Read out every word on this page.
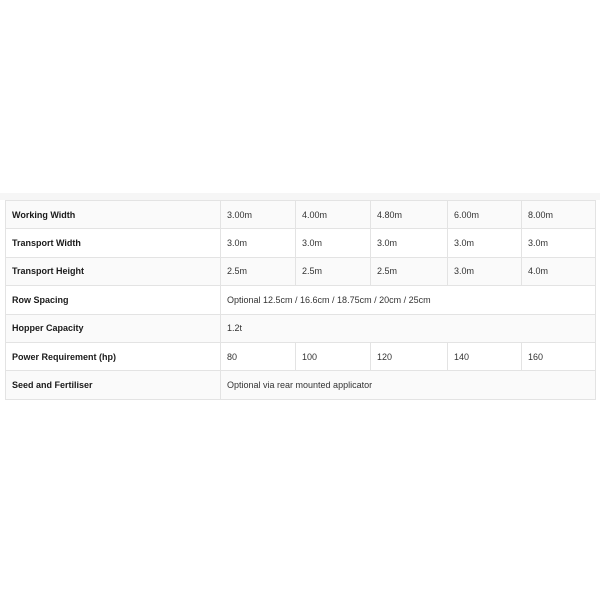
Working Width	3.00m	4.00m	4.80m	6.00m	8.00m
Transport Width	3.0m	3.0m	3.0m	3.0m	3.0m
Transport Height	2.5m	2.5m	2.5m	3.0m	4.0m
Row Spacing	Optional 12.5cm / 16.6cm / 18.75cm / 20cm / 25cm				
Hopper Capacity	1.2t				
Power Requirement (hp)	80	100	120	140	160
Seed and Fertiliser	Optional via rear mounted applicator				
